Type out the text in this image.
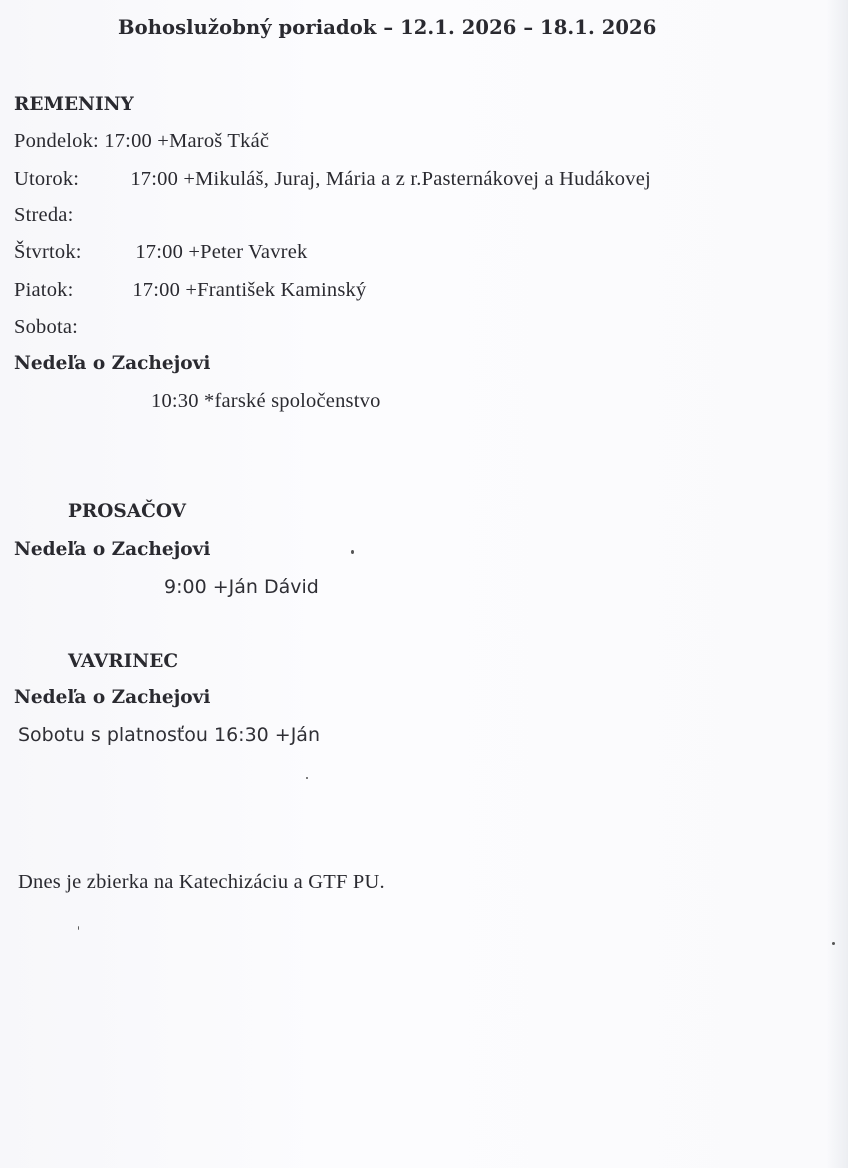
Bohoslužobný poriadok – 12.1. 2026 – 18.1. 2026
REMENINY
Pondelok: 17:00 +Maroš Tkáč
Utorok: 17:00 +Mikuláš, Juraj, Mária a z r.Pasternákovej a Hudákovej
Streda:
Štvrtok:	17:00 +Peter Vavrek
Piatok:	17:00 +František Kaminský
Sobota:
Nedeľa o Zachejovi
10:30 *farské spoločenstvo
PROSAČOV
Nedeľa o Zachejovi
9:00 +Ján Dávid
VAVRINEC
Nedeľa o Zachejovi
Sobotu s platnosťou 16:30 +Ján
Dnes je zbierka na Katechizáciu a GTF PU.
